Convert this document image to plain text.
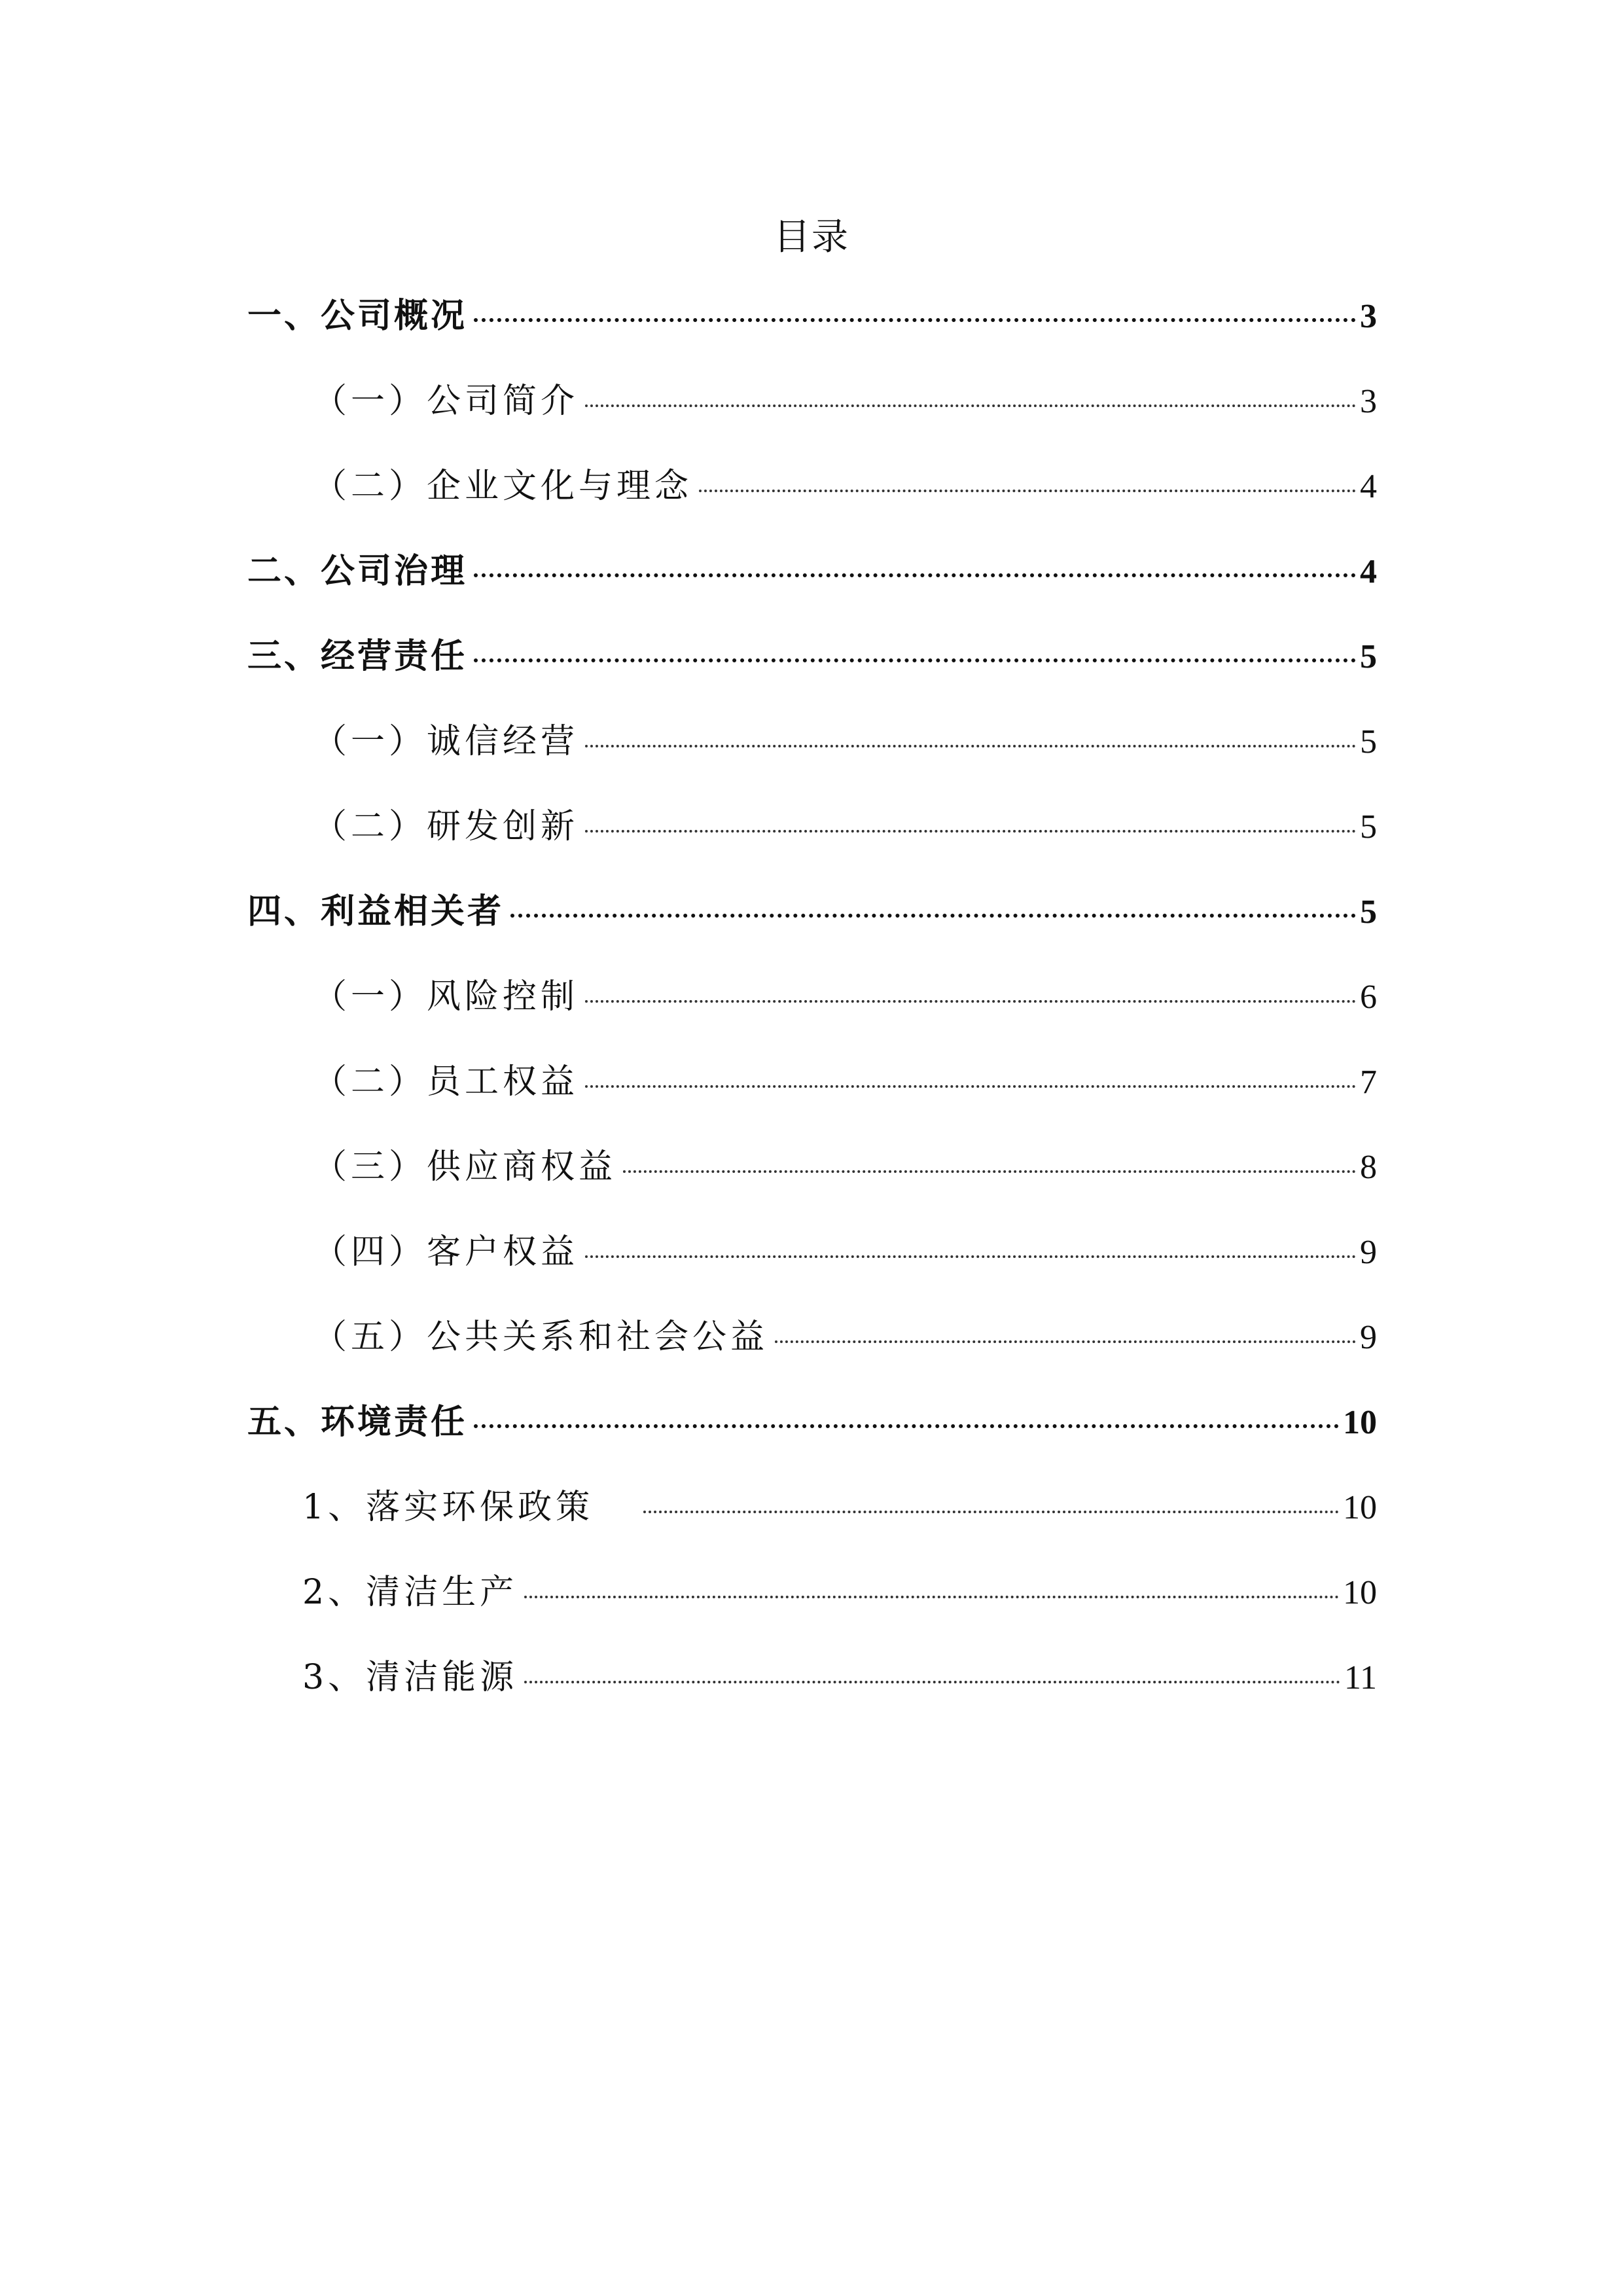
目录
一、公司概况	3
（一）公司简介	3
（二）企业文化与理念	4
二、公司治理	4
三、经营责任	5
（一）诚信经营	5
（二）研发创新	5
四、利益相关者	5
（一）风险控制	6
（二）员工权益	7
（三）供应商权益	8
（四）客户权益	9
（五）公共关系和社会公益	9
五、环境责任	10
1、落实环保政策	10
2、清洁生产	10
3、清洁能源	11
